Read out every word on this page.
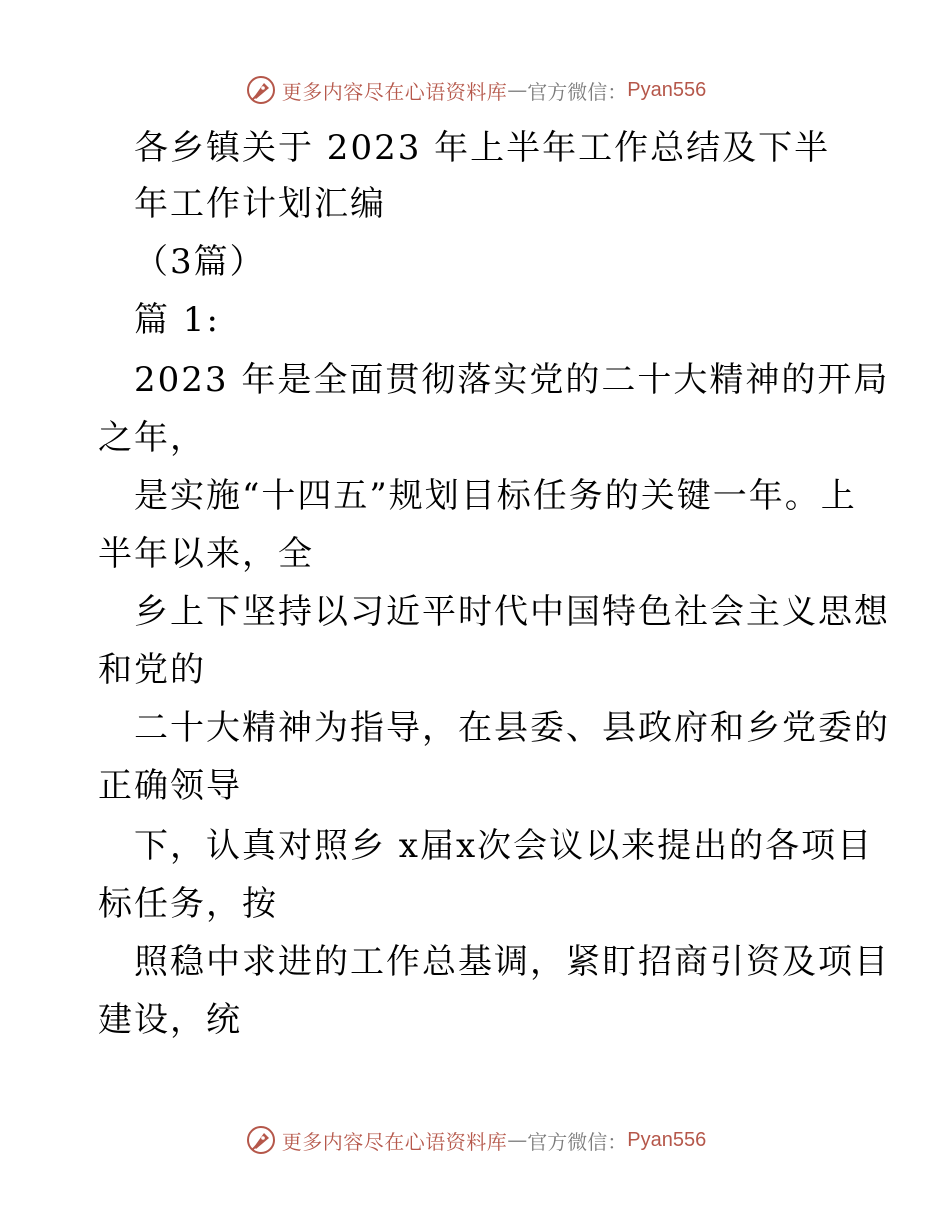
更多内容尽在心语资料库 — 官方微信： Pyan556
各乡镇关于 2023 年上半年工作总结及下半
年工作计划汇编
（3篇）
篇 1:
2023 年是全面贯彻落实党的二十大精神的开局
之年，
是实施“十四五”规划目标任务的关键一年。上
半年以来，全
乡上下坚持以习近平时代中国特色社会主义思想
和党的
二十大精神为指导，在县委、县政府和乡党委的
正确领导
下，认真对照乡 x届x次会议以来提出的各项目
标任务，按
照稳中求进的工作总基调，紧盯招商引资及项目
建设，统
更多内容尽在心语资料库 — 官方微信： Pyan556
